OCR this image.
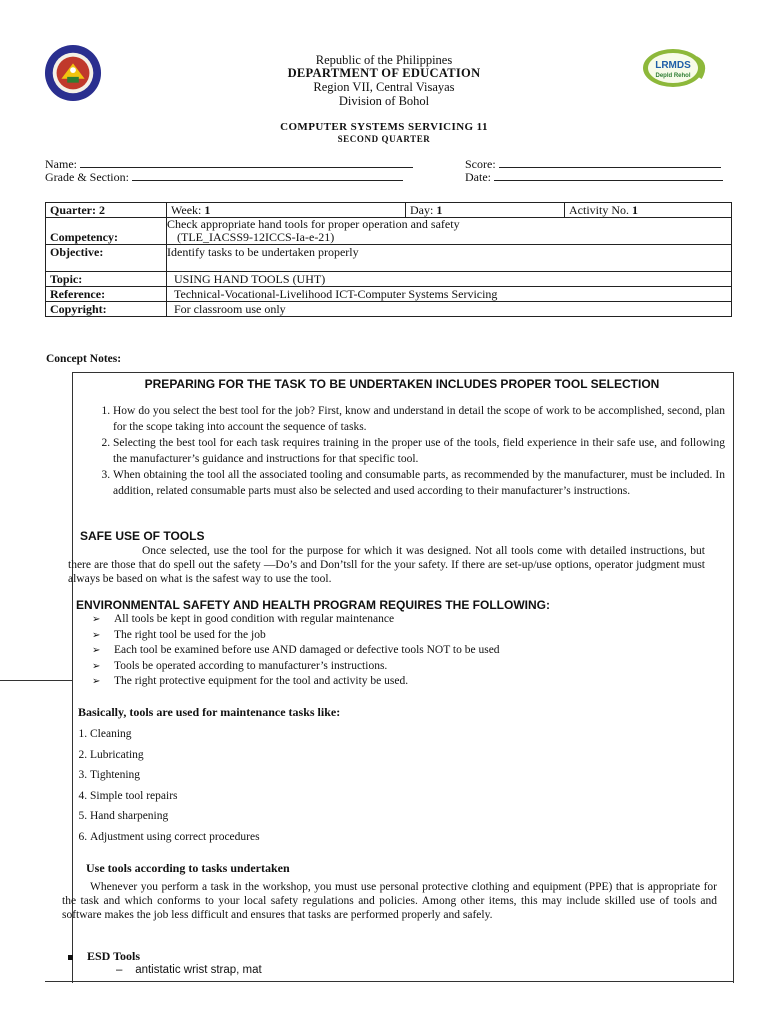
LRMDS
Depld Rehol
Republic of the Philippines
DEPARTMENT OF EDUCATION
Region VII, Central Visayas
Division of Bohol
COMPUTER SYSTEMS SERVICING 11
SECOND QUARTER
Name:
Grade & Section:
Score:
Date:
Quarter: 2	Week: 1	Day: 1	Activity No. 1
Competency:	Check appropriate hand tools for proper operation and safety
(TLE_IACSS9-12ICCS-Ia-e-21)		

Objective:	Identify tasks to be undertaken properly		
Topic:	USING HAND TOOLS (UHT)		
Reference:	Technical-Vocational-Livelihood ICT-Computer Systems Servicing		
Copyright:	For classroom use only		
Concept Notes:
PREPARING FOR THE TASK TO BE UNDERTAKEN INCLUDES PROPER TOOL SELECTION
1. How do you select the best tool for the job? First, know and understand in detail the scope of work to be accomplished, second, plan for the scope taking into account the sequence of tasks.
2. Selecting the best tool for each task requires training in the proper use of the tools, field experience in their safe use, and following the manufacturer’s guidance and instructions for that specific tool.
3. When obtaining the tool all the associated tooling and consumable parts, as recommended by the manufacturer, must be included. In addition, related consumable parts must also be selected and used according to their manufacturer’s instructions.
SAFE USE OF TOOLS
Once selected, use the tool for the purpose for which it was designed. Not all tools come with detailed instructions, but there are those that do spell out the safety —Do’s and Don’tsll for the your safety. If there are set-up/use options, operator judgment must always be based on what is the safest way to use the tool.
ENVIRONMENTAL SAFETY AND HEALTH PROGRAM REQUIRES THE FOLLOWING:
➢ All tools be kept in good condition with regular maintenance
➢ The right tool be used for the job
➢ Each tool be examined before use AND damaged or defective tools NOT to be used
➢ Tools be operated according to manufacturer’s instructions.
➢ The right protective equipment for the tool and activity be used.
Basically, tools are used for maintenance tasks like:
1. Cleaning
2. Lubricating
3. Tightening
4. Simple tool repairs
5. Hand sharpening
6. Adjustment using correct procedures
Use tools according to tasks undertaken
Whenever you perform a task in the workshop, you must use personal protective clothing and equipment (PPE) that is appropriate for the task and which conforms to your local safety regulations and policies. Among other items, this may include skilled use of tools and software makes the job less difficult and ensures that tasks are performed properly and safely.
ESD Tools
– antistatic wrist strap, mat
